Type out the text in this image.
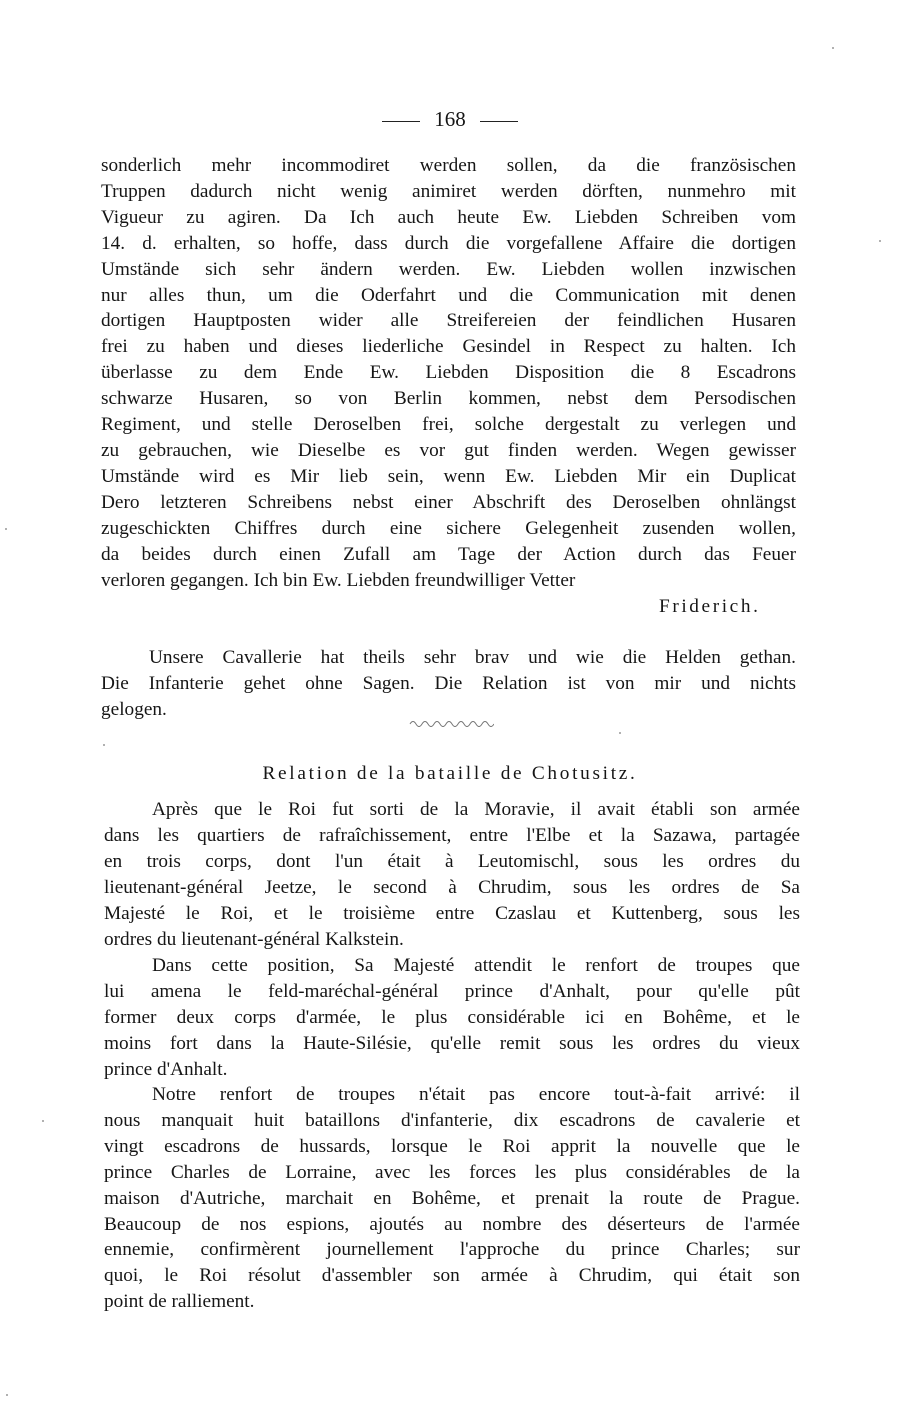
168
sonderlich mehr incommodiret werden sollen, da die französischen
Truppen dadurch nicht wenig animiret werden dörften, nunmehro mit
Vigueur zu agiren. Da Ich auch heute Ew. Liebden Schreiben vom
14. d. erhalten, so hoffe, dass durch die vorgefallene Affaire die dortigen
Umstände sich sehr ändern werden. Ew. Liebden wollen inzwischen
nur alles thun, um die Oderfahrt und die Communication mit denen
dortigen Hauptposten wider alle Streifereien der feindlichen Husaren
frei zu haben und dieses liederliche Gesindel in Respect zu halten. Ich
überlasse zu dem Ende Ew. Liebden Disposition die 8 Escadrons
schwarze Husaren, so von Berlin kommen, nebst dem Persodischen
Regiment, und stelle Deroselben frei, solche dergestalt zu verlegen und
zu gebrauchen, wie Dieselbe es vor gut finden werden. Wegen gewisser
Umstände wird es Mir lieb sein, wenn Ew. Liebden Mir ein Duplicat
Dero letzteren Schreibens nebst einer Abschrift des Deroselben ohnlängst
zugeschickten Chiffres durch eine sichere Gelegenheit zusenden wollen,
da beides durch einen Zufall am Tage der Action durch das Feuer
verloren gegangen. Ich bin Ew. Liebden freundwilliger Vetter
Friderich.
Unsere Cavallerie hat theils sehr brav und wie die Helden gethan.
Die Infanterie gehet ohne Sagen. Die Relation ist von mir und nichts
gelogen.
Relation de la bataille de Chotusitz.
Après que le Roi fut sorti de la Moravie, il avait établi son armée
dans les quartiers de rafraîchissement, entre l'Elbe et la Sazawa, partagée
en trois corps, dont l'un était à Leutomischl, sous les ordres du
lieutenant-général Jeetze, le second à Chrudim, sous les ordres de Sa
Majesté le Roi, et le troisième entre Czaslau et Kuttenberg, sous les
ordres du lieutenant-général Kalkstein.
Dans cette position, Sa Majesté attendit le renfort de troupes que
lui amena le feld-maréchal-général prince d'Anhalt, pour qu'elle pût
former deux corps d'armée, le plus considérable ici en Bohême, et le
moins fort dans la Haute-Silésie, qu'elle remit sous les ordres du vieux
prince d'Anhalt.
Notre renfort de troupes n'était pas encore tout-à-fait arrivé: il
nous manquait huit bataillons d'infanterie, dix escadrons de cavalerie et
vingt escadrons de hussards, lorsque le Roi apprit la nouvelle que le
prince Charles de Lorraine, avec les forces les plus considérables de la
maison d'Autriche, marchait en Bohême, et prenait la route de Prague.
Beaucoup de nos espions, ajoutés au nombre des déserteurs de l'armée
ennemie, confirmèrent journellement l'approche du prince Charles; sur
quoi, le Roi résolut d'assembler son armée à Chrudim, qui était son
point de ralliement.
